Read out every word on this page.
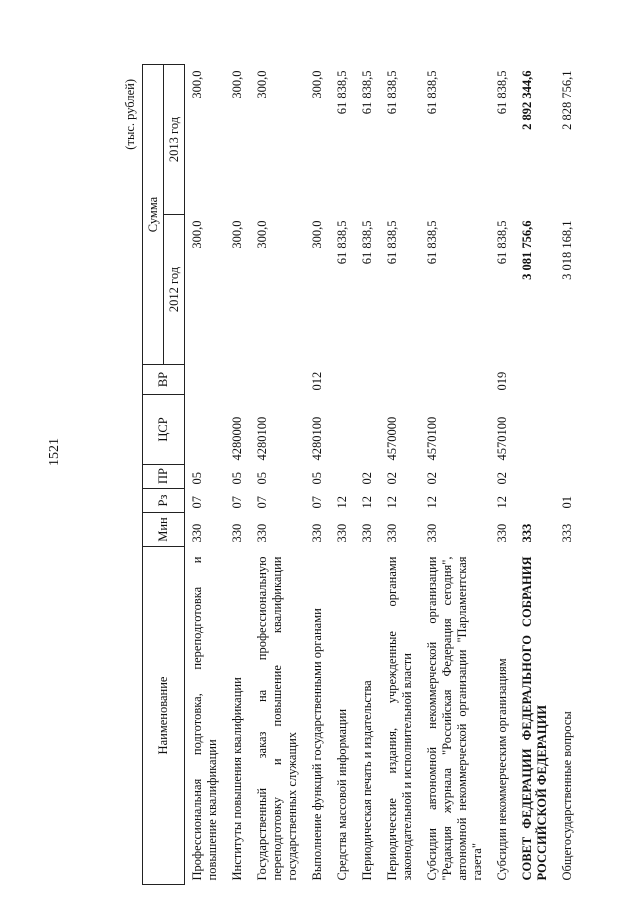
1521
(тыс. рублей)
Наименование	Мин	Рз	ПР	ЦСР	ВР	Сумма	
						2012 год	2013 год
Профессиональная подготовка, переподготовка и повышение квалификации	330	07	05			300,0	300,0
Институты повышения квалификации	330	07	05	4280000		300,0	300,0
Государственный заказ на профессиональную переподготовку и повышение квалификации государственных служащих	330	07	05	4280100		300,0	300,0
Выполнение функций государственными органами	330	07	05	4280100	012	300,0	300,0
Средства массовой информации	330	12				61 838,5	61 838,5
Периодическая печать и издательства	330	12	02			61 838,5	61 838,5
Периодические издания, учрежденные органами законодательной и исполнительной власти	330	12	02	4570000		61 838,5	61 838,5
Субсидии автономной некоммерческой организации "Редакция журнала "Российская Федерация сегодня", автономной некоммерческой организации "Парламентская газета"	330	12	02	4570100		61 838,5	61 838,5
Субсидии некоммерческим организациям	330	12	02	4570100	019	61 838,5	61 838,5
СОВЕТ ФЕДЕРАЦИИ ФЕДЕРАЛЬНОГО СОБРАНИЯ РОССИЙСКОЙ ФЕДЕРАЦИИ	333					3 081 756,6	2 892 344,6
Общегосударственные вопросы	333	01				3 018 168,1	2 828 756,1
